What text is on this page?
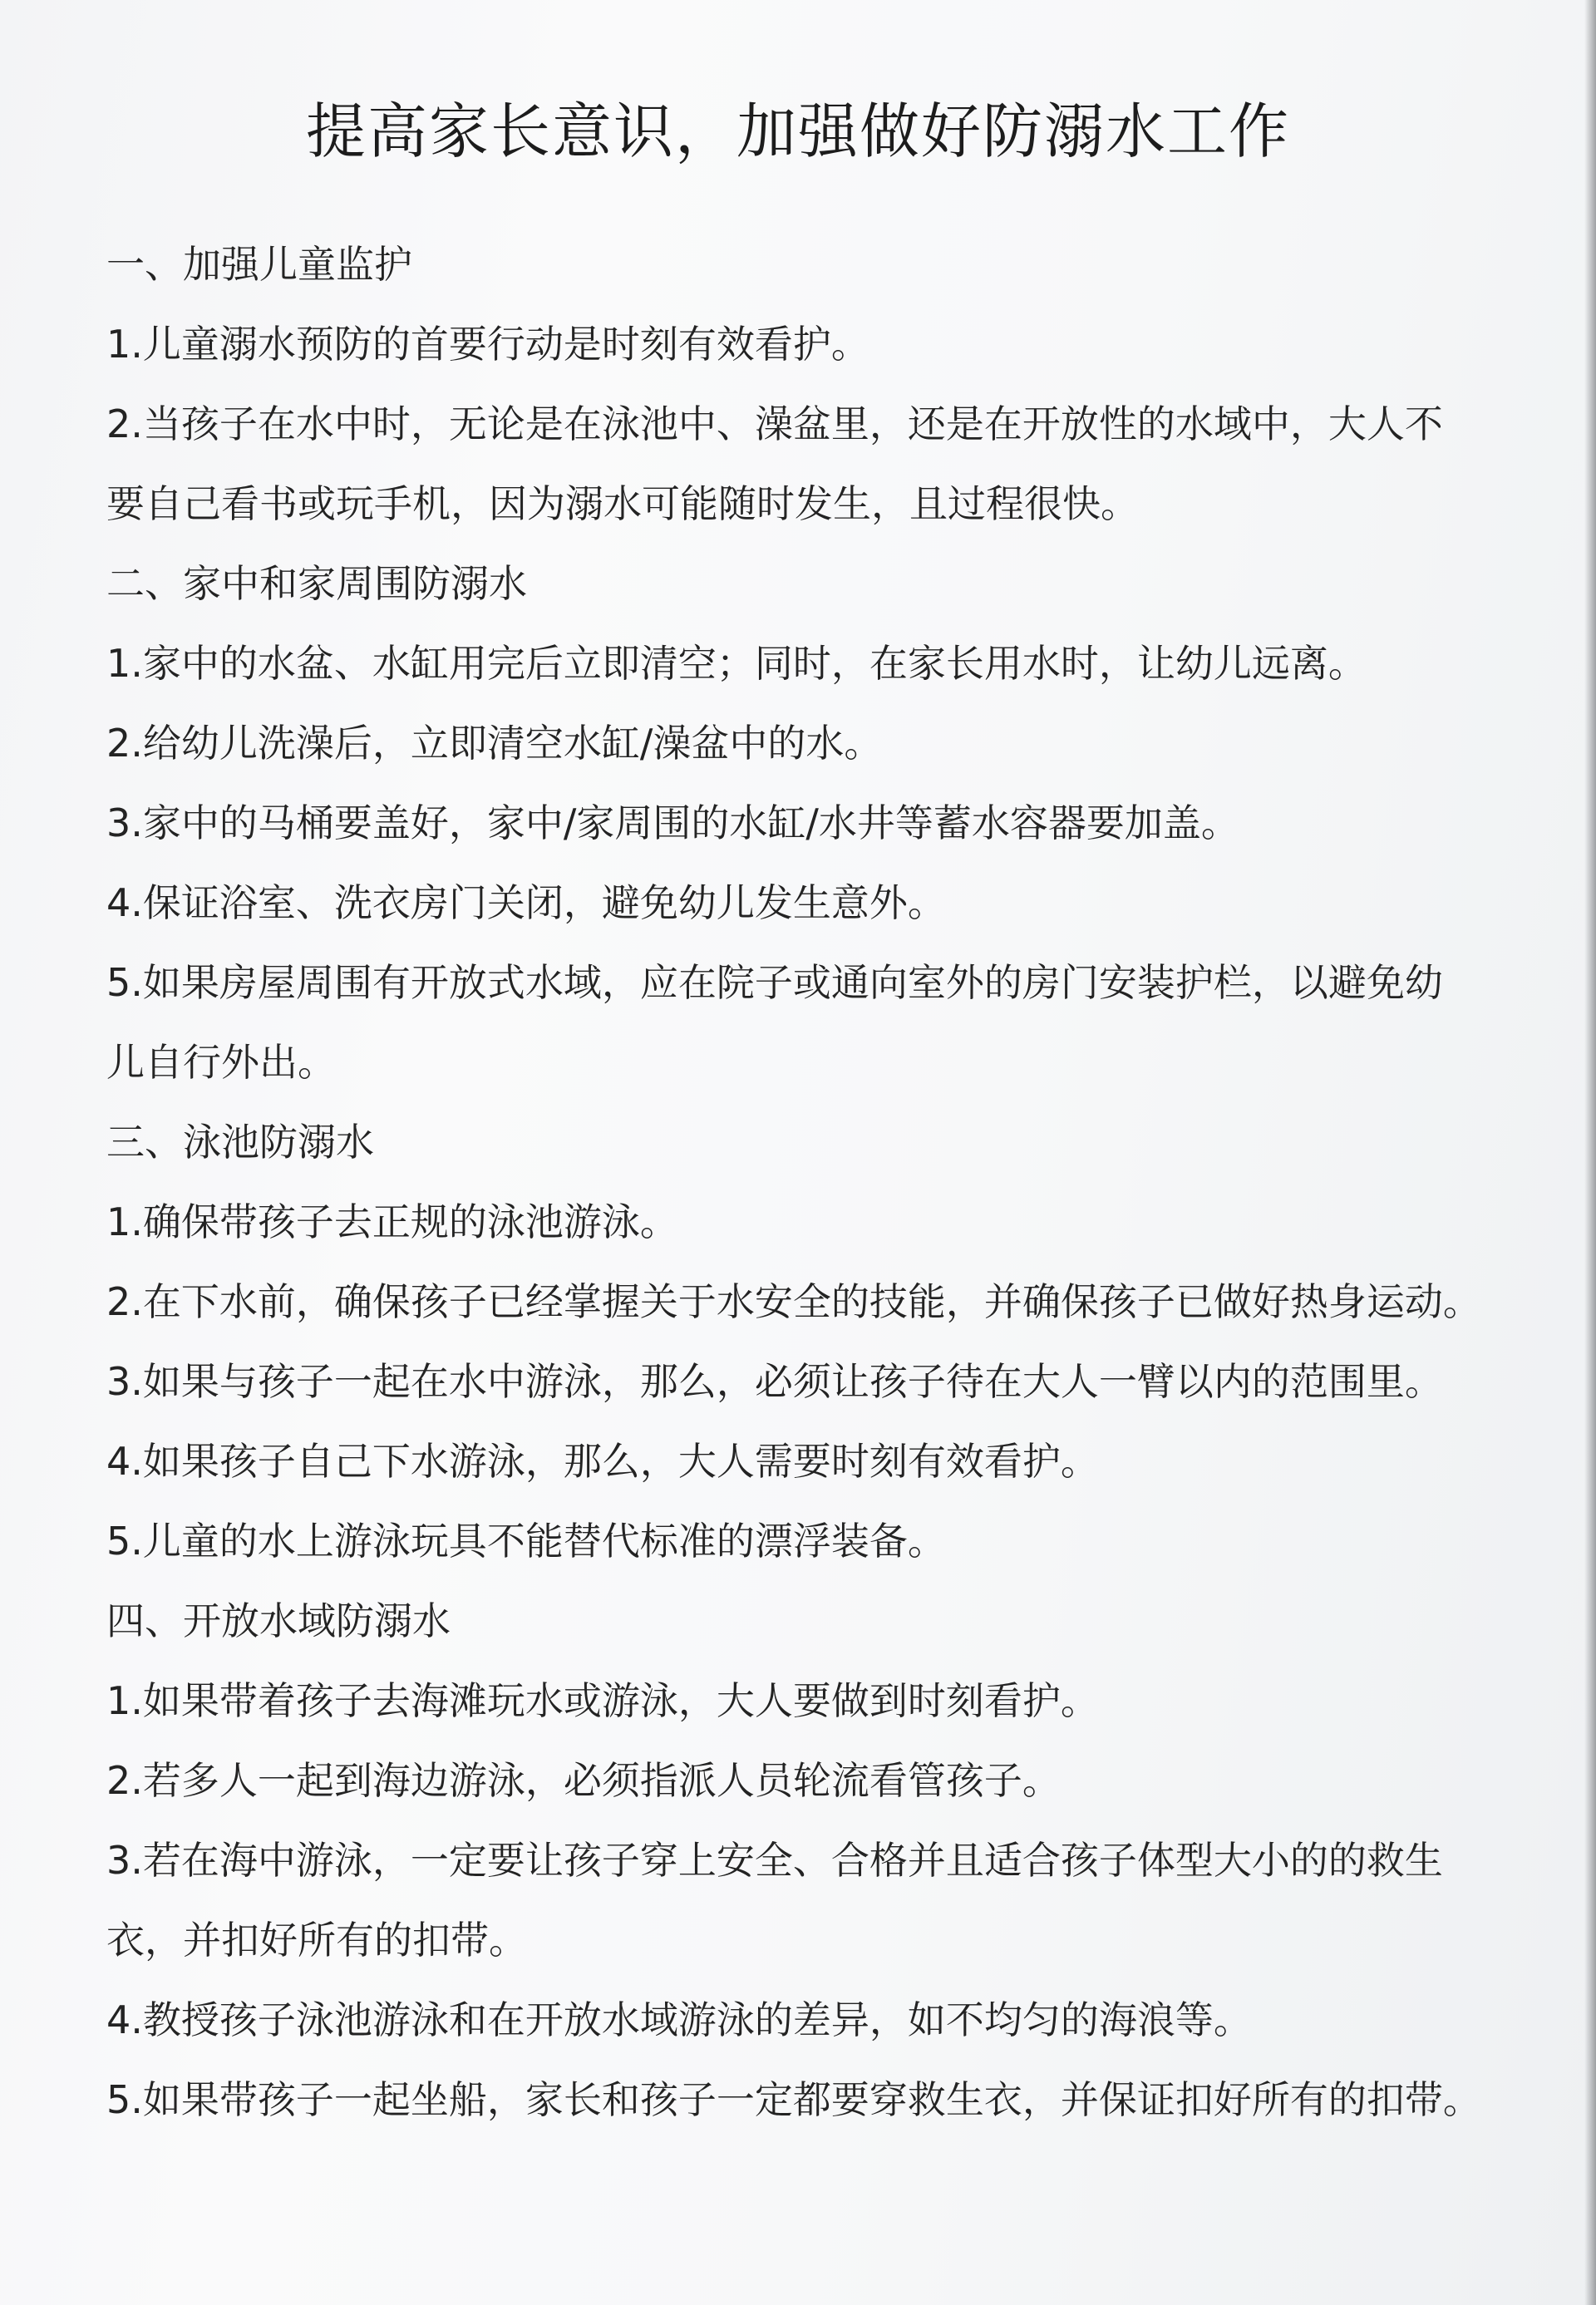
提高家长意识，加强做好防溺水工作

一、加强儿童监护

1.儿童溺水预防的首要行动是时刻有效看护。

2.当孩子在水中时，无论是在泳池中、澡盆里，还是在开放性的水域中，大人不

要自己看书或玩手机，因为溺水可能随时发生，且过程很快。

二、家中和家周围防溺水

1.家中的水盆、水缸用完后立即清空；同时，在家长用水时，让幼儿远离。

2.给幼儿洗澡后，立即清空水缸/澡盆中的水。

3.家中的马桶要盖好，家中/家周围的水缸/水井等蓄水容器要加盖。

4.保证浴室、洗衣房门关闭，避免幼儿发生意外。

5.如果房屋周围有开放式水域，应在院子或通向室外的房门安装护栏，以避免幼

儿自行外出。

三、泳池防溺水

1.确保带孩子去正规的泳池游泳。

2.在下水前，确保孩子已经掌握关于水安全的技能，并确保孩子已做好热身运动。

3.如果与孩子一起在水中游泳，那么，必须让孩子待在大人一臂以内的范围里。

4.如果孩子自己下水游泳，那么，大人需要时刻有效看护。

5.儿童的水上游泳玩具不能替代标准的漂浮装备。

四、开放水域防溺水

1.如果带着孩子去海滩玩水或游泳，大人要做到时刻看护。

2.若多人一起到海边游泳，必须指派人员轮流看管孩子。

3.若在海中游泳，一定要让孩子穿上安全、合格并且适合孩子体型大小的的救生

衣，并扣好所有的扣带。

4.教授孩子泳池游泳和在开放水域游泳的差异，如不均匀的海浪等。

5.如果带孩子一起坐船，家长和孩子一定都要穿救生衣，并保证扣好所有的扣带。
